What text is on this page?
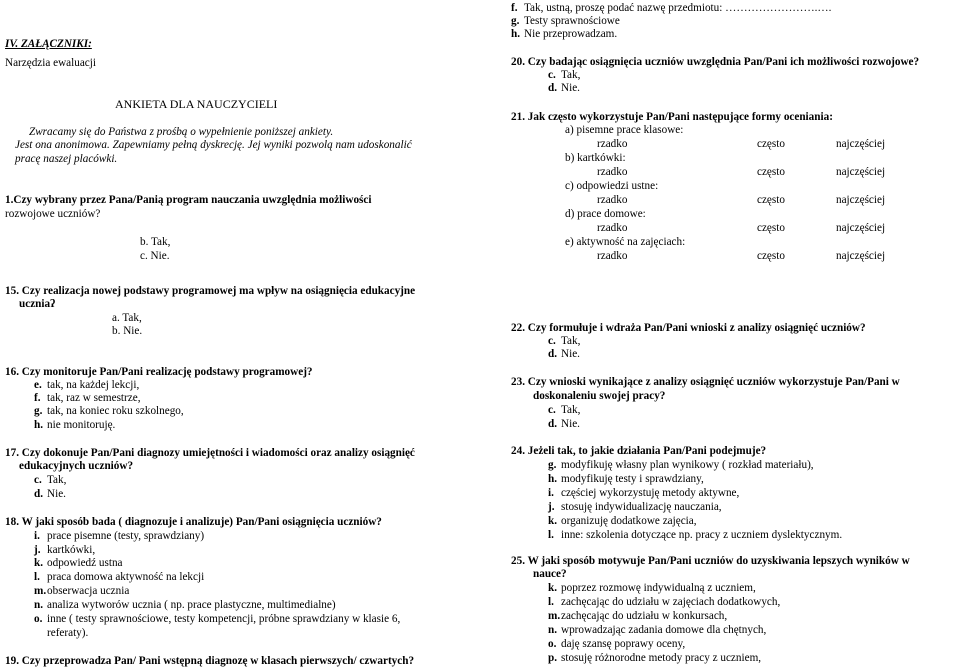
IV. ZAŁĄCZNIKI:
Narzędzia ewaluacji
ANKIETA DLA NAUCZYCIELI
Zwracamy się do Państwa z prośbą o wypełnienie poniższej ankiety.
Jest ona anonimowa. Zapewniamy pełną dyskrecję. Jej wyniki pozwolą nam udoskonalić
pracę naszej placówki.
1.Czy wybrany przez Pana/Panią program nauczania uwzględnia możliwości
rozwojowe uczniów?
b. Tak,
c. Nie.
f. Tak, ustną, proszę podać nazwę przedmiotu: …………………….….
g. Testy sprawnościowe
h. Nie przeprowadzam.
20. Czy badając osiągnięcia uczniów uwzględnia Pan/Pani ich możliwości rozwojowe?
c. Tak,
d. Nie.
21. Jak często wykorzystuje Pan/Pani następujące formy oceniania:
a) pisemne prace klasowe:
rzadko	często	najczęściej
b) kartkówki:
rzadko	często	najczęściej
c) odpowiedzi ustne:
rzadko	często	najczęściej
d) prace domowe:
rzadko	często	najczęściej
e) aktywność na zajęciach:
rzadko	często	najczęściej
15. Czy realizacja nowej podstawy programowej ma wpływ na osiągnięcia edukacyjne
uczniaʔ
a. Tak,
b. Nie.
16. Czy monitoruje Pan/Pani realizację podstawy programowej?
e. tak, na każdej lekcji,
f. tak, raz w semestrze,
g. tak, na koniec roku szkolnego,
h. nie monitoruję.
17. Czy dokonuje Pan/Pani diagnozy umiejętności i wiadomości oraz analizy osiągnięć
edukacyjnych uczniów?
c. Tak,
d. Nie.
18. W jaki sposób bada ( diagnozuje i analizuje) Pan/Pani osiągnięcia uczniów?
i. prace pisemne (testy, sprawdziany)
j. kartkówki,
k. odpowiedź ustna
l. praca domowa aktywność na lekcji
m.obserwacja ucznia
n. analiza wytworów ucznia ( np. prace plastyczne, multimedialne)
o. inne ( testy sprawnościowe, testy kompetencji, próbne sprawdziany w klasie 6,
referaty).
19. Czy przeprowadza Pan/ Pani wstępną diagnozę w klasach pierwszych/ czwartych?
22. Czy formułuje i wdraża Pan/Pani wnioski z analizy osiągnięć uczniów?
c. Tak,
d. Nie.
23. Czy wnioski wynikające z analizy osiągnięć uczniów wykorzystuje Pan/Pani w
doskonaleniu swojej pracy?
c. Tak,
d. Nie.
24. Jeżeli tak, to jakie działania Pan/Pani podejmuje?
g. modyfikuję własny plan wynikowy ( rozkład materiału),
h. modyfikuję testy i sprawdziany,
i. częściej wykorzystuję metody aktywne,
j. stosuję indywidualizację nauczania,
k. organizuję dodatkowe zajęcia,
l. inne: szkolenia dotyczące np. pracy z uczniem dyslektycznym.
25. W jaki sposób motywuje Pan/Pani uczniów do uzyskiwania lepszych wyników w
nauce?
k. poprzez rozmowę indywidualną z uczniem,
l. zachęcając do udziału w zajęciach dodatkowych,
m.zachęcając do udziału w konkursach,
n. wprowadzając zadania domowe dla chętnych,
o. daję szansę poprawy oceny,
p. stosuję różnorodne metody pracy z uczniem,
